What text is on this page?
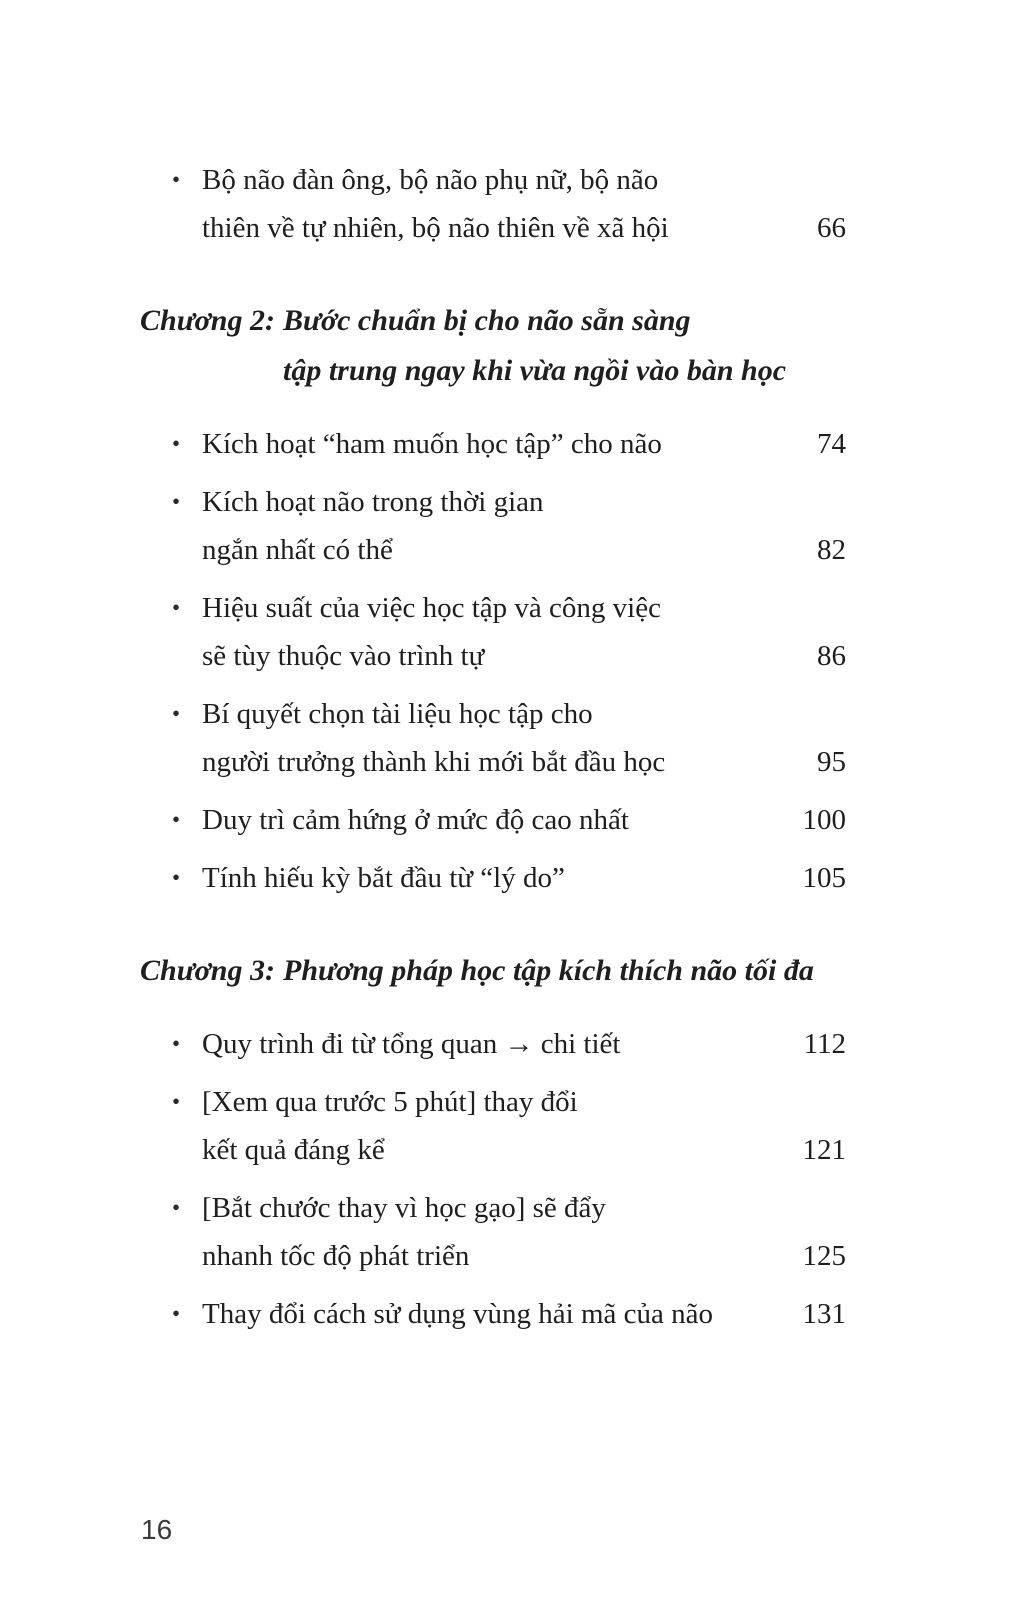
• Bộ não đàn ông, bộ não phụ nữ, bộ não
thiên về tự nhiên, bộ não thiên về xã hội	66
Chương 2: Bước chuẩn bị cho não sẵn sàng
tập trung ngay khi vừa ngồi vào bàn học
• Kích hoạt “ham muốn học tập” cho não	74
• Kích hoạt não trong thời gian
ngắn nhất có thể	82
• Hiệu suất của việc học tập và công việc
sẽ tùy thuộc vào trình tự	86
• Bí quyết chọn tài liệu học tập cho
người trưởng thành khi mới bắt đầu học	95
• Duy trì cảm hứng ở mức độ cao nhất	100
• Tính hiếu kỳ bắt đầu từ “lý do”	105
Chương 3: Phương pháp học tập kích thích não tối đa
• Quy trình đi từ tổng quan → chi tiết	112
• [Xem qua trước 5 phút] thay đổi
kết quả đáng kể	121
• [Bắt chước thay vì học gạo] sẽ đẩy
nhanh tốc độ phát triển	125
• Thay đổi cách sử dụng vùng hải mã của não	131
16
